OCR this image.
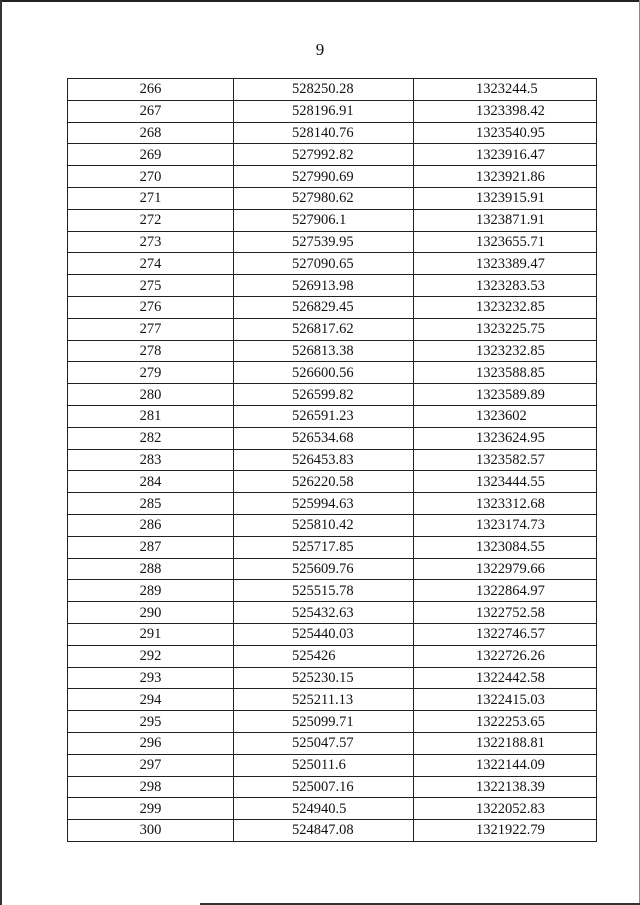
9
266	528250.28	1323244.5
267	528196.91	1323398.42
268	528140.76	1323540.95
269	527992.82	1323916.47
270	527990.69	1323921.86
271	527980.62	1323915.91
272	527906.1	1323871.91
273	527539.95	1323655.71
274	527090.65	1323389.47
275	526913.98	1323283.53
276	526829.45	1323232.85
277	526817.62	1323225.75
278	526813.38	1323232.85
279	526600.56	1323588.85
280	526599.82	1323589.89
281	526591.23	1323602
282	526534.68	1323624.95
283	526453.83	1323582.57
284	526220.58	1323444.55
285	525994.63	1323312.68
286	525810.42	1323174.73
287	525717.85	1323084.55
288	525609.76	1322979.66
289	525515.78	1322864.97
290	525432.63	1322752.58
291	525440.03	1322746.57
292	525426	1322726.26
293	525230.15	1322442.58
294	525211.13	1322415.03
295	525099.71	1322253.65
296	525047.57	1322188.81
297	525011.6	1322144.09
298	525007.16	1322138.39
299	524940.5	1322052.83
300	524847.08	1321922.79
